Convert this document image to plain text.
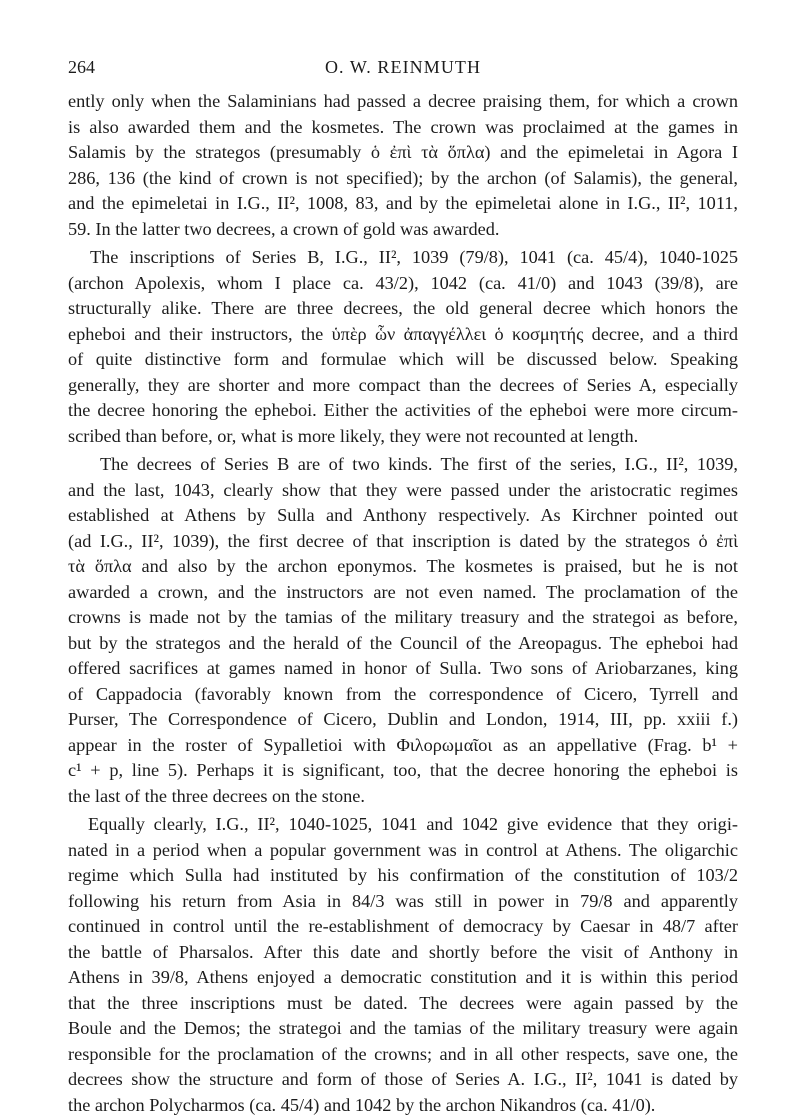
264	O. W. REINMUTH
ently only when the Salaminians had passed a decree praising them, for which a crown
is also awarded them and the kosmetes. The crown was proclaimed at the games in
Salamis by the strategos (presumably ὁ ἐπὶ τὰ ὅπλα) and the epimeletai in Agora I
286, 136 (the kind of crown is not specified); by the archon (of Salamis), the general,
and the epimeletai in I.G., II², 1008, 83, and by the epimeletai alone in I.G., II², 1011,
59. In the latter two decrees, a crown of gold was awarded.
The inscriptions of Series B, I.G., II², 1039 (79/8), 1041 (ca. 45/4), 1040-1025
(archon Apolexis, whom I place ca. 43/2), 1042 (ca. 41/0) and 1043 (39/8), are
structurally alike. There are three decrees, the old general decree which honors the
epheboi and their instructors, the ὑπὲρ ὧν ἀπαγγέλλει ὁ κοσμητής decree, and a third
of quite distinctive form and formulae which will be discussed below. Speaking
generally, they are shorter and more compact than the decrees of Series A, especially
the decree honoring the epheboi. Either the activities of the epheboi were more circum-
scribed than before, or, what is more likely, they were not recounted at length.
The decrees of Series B are of two kinds. The first of the series, I.G., II², 1039,
and the last, 1043, clearly show that they were passed under the aristocratic regimes
established at Athens by Sulla and Anthony respectively. As Kirchner pointed out
(ad I.G., II², 1039), the first decree of that inscription is dated by the strategos ὁ ἐπὶ
τὰ ὅπλα and also by the archon eponymos. The kosmetes is praised, but he is not
awarded a crown, and the instructors are not even named. The proclamation of the
crowns is made not by the tamias of the military treasury and the strategoi as before,
but by the strategos and the herald of the Council of the Areopagus. The epheboi had
offered sacrifices at games named in honor of Sulla. Two sons of Ariobarzanes, king
of Cappadocia (favorably known from the correspondence of Cicero, Tyrrell and
Purser, The Correspondence of Cicero, Dublin and London, 1914, III, pp. xxiii f.)
appear in the roster of Sypalletioi with Φιλορωμαῖοι as an appellative (Frag. b¹ +
c¹ + p, line 5). Perhaps it is significant, too, that the decree honoring the epheboi is
the last of the three decrees on the stone.
Equally clearly, I.G., II², 1040-1025, 1041 and 1042 give evidence that they origi-
nated in a period when a popular government was in control at Athens. The oligarchic
regime which Sulla had instituted by his confirmation of the constitution of 103/2
following his return from Asia in 84/3 was still in power in 79/8 and apparently
continued in control until the re-establishment of democracy by Caesar in 48/7 after
the battle of Pharsalos. After this date and shortly before the visit of Anthony in
Athens in 39/8, Athens enjoyed a democratic constitution and it is within this period
that the three inscriptions must be dated. The decrees were again passed by the
Boule and the Demos; the strategoi and the tamias of the military treasury were again
responsible for the proclamation of the crowns; and in all other respects, save one, the
decrees show the structure and form of those of Series A. I.G., II², 1041 is dated by
the archon Polycharmos (ca. 45/4) and 1042 by the archon Nikandros (ca. 41/0).
